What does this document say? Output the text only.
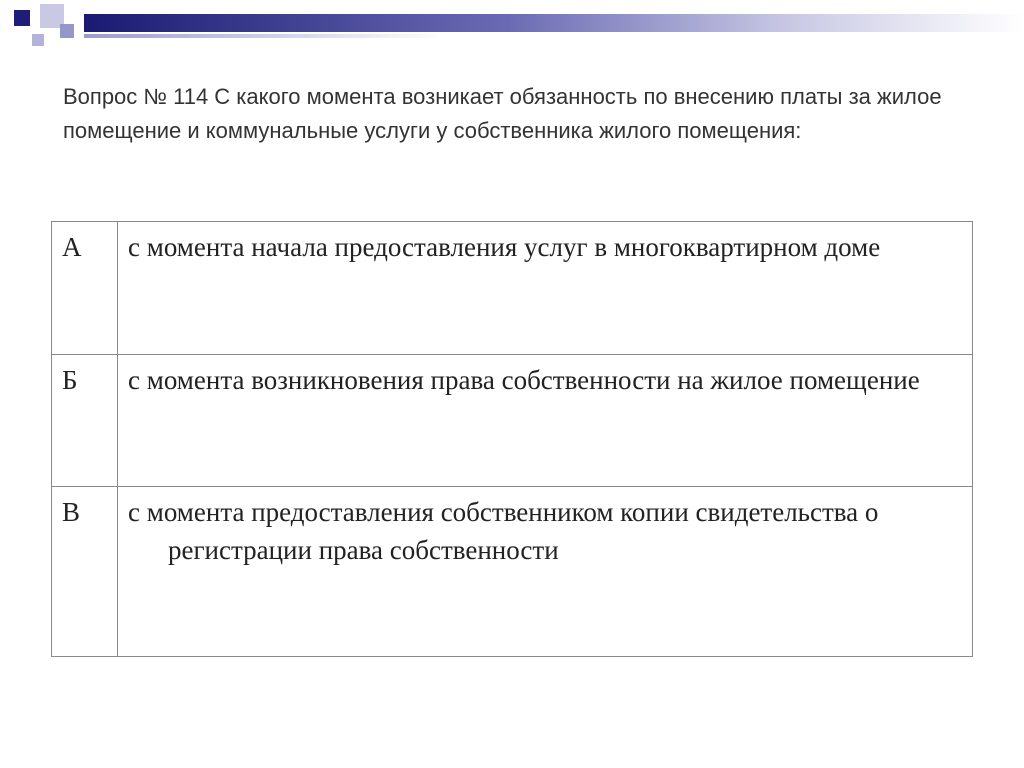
Вопрос № 114 С какого момента возникает обязанность по внесению платы за жилое помещение и коммунальные услуги у собственника жилого помещения:
А	с момента начала предоставления услуг в многоквартирном доме

Б	с момента возникновения права собственности на жилое помещение

В	с момента предоставления собственником копии свидетельства о регистрации права собственности
